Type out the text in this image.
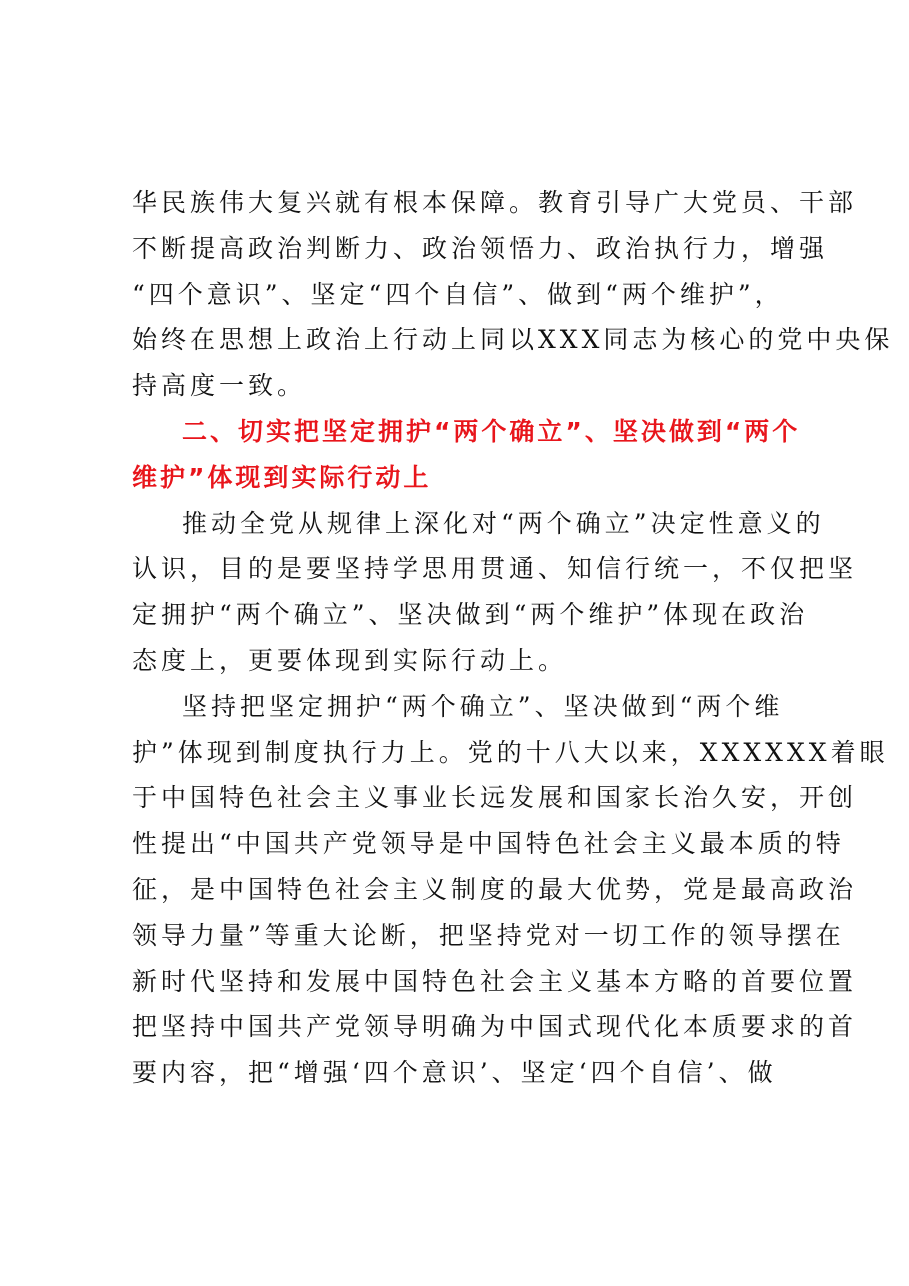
华民族伟大复兴就有根本保障。教育引导广大党员、干部
不断提高政治判断力、政治领悟力、政治执行力，增强
“四个意识”、坚定“四个自信”、做到“两个维护”，
始终在思想上政治上行动上同以XXX同志为核心的党中央保
持高度一致。
二、切实把坚定拥护“两个确立”、坚决做到“两个
维护”体现到实际行动上
推动全党从规律上深化对“两个确立”决定性意义的
认识，目的是要坚持学思用贯通、知信行统一，不仅把坚
定拥护“两个确立”、坚决做到“两个维护”体现在政治
态度上，更要体现到实际行动上。
坚持把坚定拥护“两个确立”、坚决做到“两个维
护”体现到制度执行力上。党的十八大以来，XXXXXX着眼
于中国特色社会主义事业长远发展和国家长治久安，开创
性提出“中国共产党领导是中国特色社会主义最本质的特
征，是中国特色社会主义制度的最大优势，党是最高政治
领导力量”等重大论断，把坚持党对一切工作的领导摆在
新时代坚持和发展中国特色社会主义基本方略的首要位置
把坚持中国共产党领导明确为中国式现代化本质要求的首
要内容，把“增强‘四个意识’、坚定‘四个自信’、做
